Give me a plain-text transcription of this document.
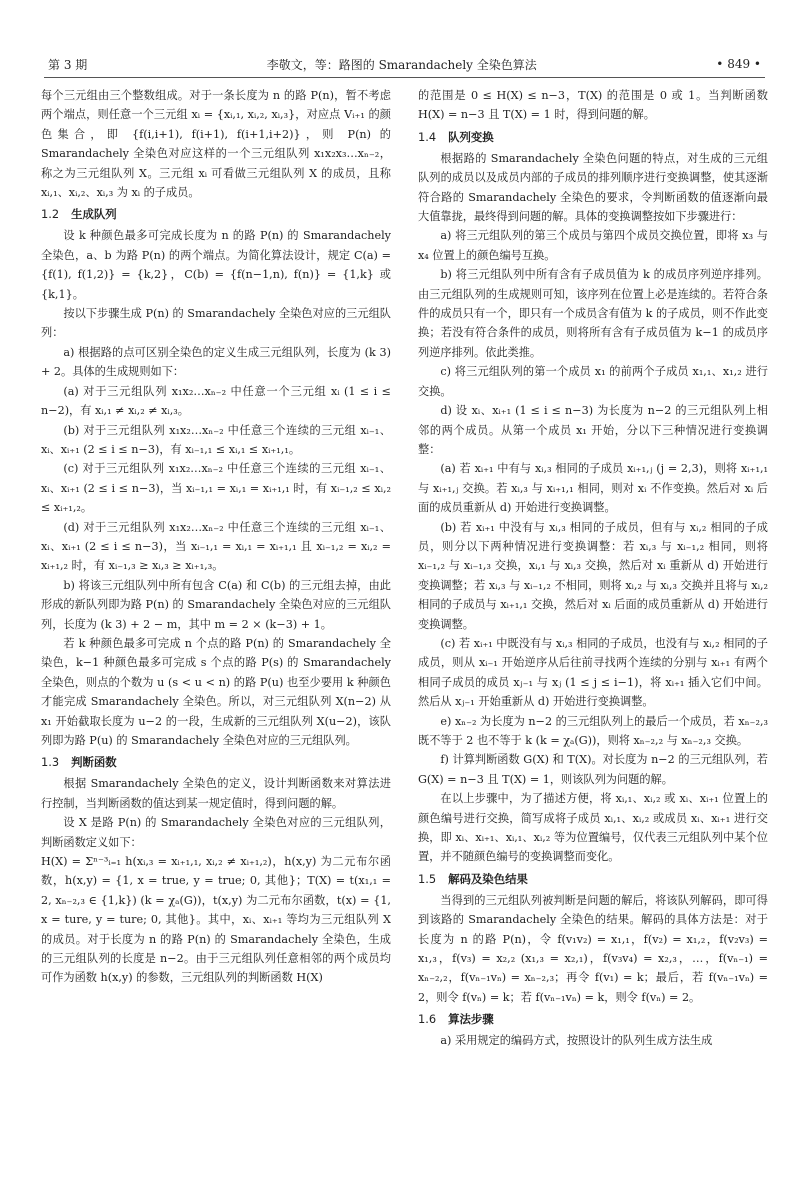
第 3 期	李敬文，等：路图的 Smarandachely 全染色算法	• 849 •

每个三元组由三个整数组成。对于一条长度为 n 的路 P(n)，暂不考虑两个端点，则任意一个三元组 xᵢ = {xᵢ,₁, xᵢ,₂, xᵢ,₃}，对应点 Vᵢ₊₁ 的颜色集合，即 {f(i,i+1), f(i+1), f(i+1,i+2)}，则 P(n) 的 Smarandachely 全染色对应这样的一个三元组队列 x₁x₂x₃…xₙ₋₂，称之为三元组队列 X。三元组 xᵢ 可看做三元组队列 X 的成员，且称 xᵢ,₁、xᵢ,₂、xᵢ,₃ 为 xᵢ 的子成员。

1.2 生成队列

设 k 种颜色最多可完成长度为 n 的路 P(n) 的 Smarandachely 全染色，a、b 为路 P(n) 的两个端点。为简化算法设计，规定 C(a) = {f(1), f(1,2)} = {k,2}，C(b) = {f(n−1,n), f(n)} = {1,k} 或 {k,1}。

按以下步骤生成 P(n) 的 Smarandachely 全染色对应的三元组队列：

a) 根据路的点可区别全染色的定义生成三元组队列，长度为 (k 3) + 2。具体的生成规则如下：

(a) 对于三元组队列 x₁x₂…xₙ₋₂ 中任意一个三元组 xᵢ (1 ≤ i ≤ n−2)，有 xᵢ,₁ ≠ xᵢ,₂ ≠ xᵢ,₃。

(b) 对于三元组队列 x₁x₂…xₙ₋₂ 中任意三个连续的三元组 xᵢ₋₁、xᵢ、xᵢ₊₁ (2 ≤ i ≤ n−3)，有 xᵢ₋₁,₁ ≤ xᵢ,₁ ≤ xᵢ₊₁,₁。

(c) 对于三元组队列 x₁x₂…xₙ₋₂ 中任意三个连续的三元组 xᵢ₋₁、xᵢ、xᵢ₊₁ (2 ≤ i ≤ n−3)，当 xᵢ₋₁,₁ = xᵢ,₁ = xᵢ₊₁,₁ 时，有 xᵢ₋₁,₂ ≤ xᵢ,₂ ≤ xᵢ₊₁,₂。

(d) 对于三元组队列 x₁x₂…xₙ₋₂ 中任意三个连续的三元组 xᵢ₋₁、xᵢ、xᵢ₊₁ (2 ≤ i ≤ n−3)，当 xᵢ₋₁,₁ = xᵢ,₁ = xᵢ₊₁,₁ 且 xᵢ₋₁,₂ = xᵢ,₂ = xᵢ₊₁,₂ 时，有 xᵢ₋₁,₃ ≥ xᵢ,₃ ≥ xᵢ₊₁,₃。

b) 将该三元组队列中所有包含 C(a) 和 C(b) 的三元组去掉，由此形成的新队列即为路 P(n) 的 Smarandachely 全染色对应的三元组队列，长度为 (k 3) + 2 − m，其中 m = 2 × (k−3) + 1。

若 k 种颜色最多可完成 n 个点的路 P(n) 的 Smarandachely 全染色，k−1 种颜色最多可完成 s 个点的路 P(s) 的 Smarandachely 全染色，则点的个数为 u (s < u < n) 的路 P(u) 也至少要用 k 种颜色才能完成 Smarandachely 全染色。所以，对三元组队列 X(n−2) 从 x₁ 开始截取长度为 u−2 的一段，生成新的三元组队列 X(u−2)，该队列即为路 P(u) 的 Smarandachely 全染色对应的三元组队列。

1.3 判断函数

根据 Smarandachely 全染色的定义，设计判断函数来对算法进行控制，当判断函数的值达到某一规定值时，得到问题的解。

设 X 是路 P(n) 的 Smarandachely 全染色对应的三元组队列，判断函数定义如下：

H(X) = Σⁿ⁻³ᵢ₌₁ h(xᵢ,₃ = xᵢ₊₁,₁, xᵢ,₂ ≠ xᵢ₊₁,₂)，h(x,y) 为二元布尔函数，h(x,y) = {1, x = true, y = true; 0, 其他}；T(X) = t(x₁,₁ = 2, xₙ₋₂,₃ ∈ {1,k}) (k = χₐ(G))，t(x,y) 为二元布尔函数，t(x) = {1, x = ture, y = ture; 0, 其他}。其中，xᵢ、xᵢ₊₁ 等均为三元组队列 X 的成员。对于长度为 n 的路 P(n) 的 Smarandachely 全染色，生成的三元组队列的长度是 n−2。由于三元组队列任意相邻的两个成员均可作为函数 h(x,y) 的参数，三元组队列的判断函数 H(X)

的范围是 0 ≤ H(X) ≤ n−3，T(X) 的范围是 0 或 1。当判断函数 H(X) = n−3 且 T(X) = 1 时，得到问题的解。

1.4 队列变换

根据路的 Smarandachely 全染色问题的特点，对生成的三元组队列的成员以及成员内部的子成员的排列顺序进行变换调整，使其逐渐符合路的 Smarandachely 全染色的要求，令判断函数的值逐渐向最大值靠拢，最终得到问题的解。具体的变换调整按如下步骤进行：

a) 将三元组队列的第三个成员与第四个成员交换位置，即将 x₃ 与 x₄ 位置上的颜色编号互换。

b) 将三元组队列中所有含有子成员值为 k 的成员序列逆序排列。由三元组队列的生成规则可知，该序列在位置上必是连续的。若符合条件的成员只有一个，即只有一个成员含有值为 k 的子成员，则不作此变换；若没有符合条件的成员，则将所有含有子成员值为 k−1 的成员序列逆序排列。依此类推。

c) 将三元组队列的第一个成员 x₁ 的前两个子成员 x₁,₁、x₁,₂ 进行交换。

d) 设 xᵢ、xᵢ₊₁ (1 ≤ i ≤ n−3) 为长度为 n−2 的三元组队列上相邻的两个成员。从第一个成员 x₁ 开始，分以下三种情况进行变换调整：

(a) 若 xᵢ₊₁ 中有与 xᵢ,₃ 相同的子成员 xᵢ₊₁,ⱼ (j = 2,3)，则将 xᵢ₊₁,₁ 与 xᵢ₊₁,ⱼ 交换。若 xᵢ,₃ 与 xᵢ₊₁,₁ 相同，则对 xᵢ 不作变换。然后对 xᵢ 后面的成员重新从 d) 开始进行变换调整。

(b) 若 xᵢ₊₁ 中没有与 xᵢ,₃ 相同的子成员，但有与 xᵢ,₂ 相同的子成员，则分以下两种情况进行变换调整：若 xᵢ,₃ 与 xᵢ₋₁,₂ 相同，则将 xᵢ₋₁,₂ 与 xᵢ₋₁,₃ 交换，xᵢ,₁ 与 xᵢ,₃ 交换，然后对 xᵢ 重新从 d) 开始进行变换调整；若 xᵢ,₃ 与 xᵢ₋₁,₂ 不相同，则将 xᵢ,₂ 与 xᵢ,₃ 交换并且将与 xᵢ,₂ 相同的子成员与 xᵢ₊₁,₁ 交换，然后对 xᵢ 后面的成员重新从 d) 开始进行变换调整。

(c) 若 xᵢ₊₁ 中既没有与 xᵢ,₃ 相同的子成员，也没有与 xᵢ,₂ 相同的子成员，则从 xᵢ₋₁ 开始逆序从后往前寻找两个连续的分别与 xᵢ₊₁ 有两个相同子成员的成员 xⱼ₋₁ 与 xⱼ (1 ≤ j ≤ i−1)，将 xᵢ₊₁ 插入它们中间。然后从 xⱼ₋₁ 开始重新从 d) 开始进行变换调整。

e) xₙ₋₂ 为长度为 n−2 的三元组队列上的最后一个成员，若 xₙ₋₂,₃ 既不等于 2 也不等于 k (k = χₐ(G))，则将 xₙ₋₂,₂ 与 xₙ₋₂,₃ 交换。

f) 计算判断函数 G(X) 和 T(X)。对长度为 n−2 的三元组队列，若 G(X) = n−3 且 T(X) = 1，则该队列为问题的解。

在以上步骤中，为了描述方便，将 xᵢ,₁、xᵢ,₂ 或 xᵢ、xᵢ₊₁ 位置上的颜色编号进行交换，简写成将子成员 xᵢ,₁、xᵢ,₂ 或成员 xᵢ、xᵢ₊₁ 进行交换，即 xᵢ、xᵢ₊₁、xᵢ,₁、xᵢ,₂ 等为位置编号，仅代表三元组队列中某个位置，并不随颜色编号的变换调整而变化。

1.5 解码及染色结果

当得到的三元组队列被判断是问题的解后，将该队列解码，即可得到该路的 Smarandachely 全染色的结果。解码的具体方法是：对于长度为 n 的路 P(n)，令 f(v₁v₂) = x₁,₁，f(v₂) = x₁,₂，f(v₂v₃) = x₁,₃，f(v₃) = x₂,₂ (x₁,₃ = x₂,₁)，f(v₃v₄) = x₂,₃，…，f(vₙ₋₁) = xₙ₋₂,₂，f(vₙ₋₁vₙ) = xₙ₋₂,₃；再令 f(v₁) = k；最后，若 f(vₙ₋₁vₙ) = 2，则令 f(vₙ) = k；若 f(vₙ₋₁vₙ) = k，则令 f(vₙ) = 2。

1.6 算法步骤

a) 采用规定的编码方式，按照设计的队列生成方法生成
